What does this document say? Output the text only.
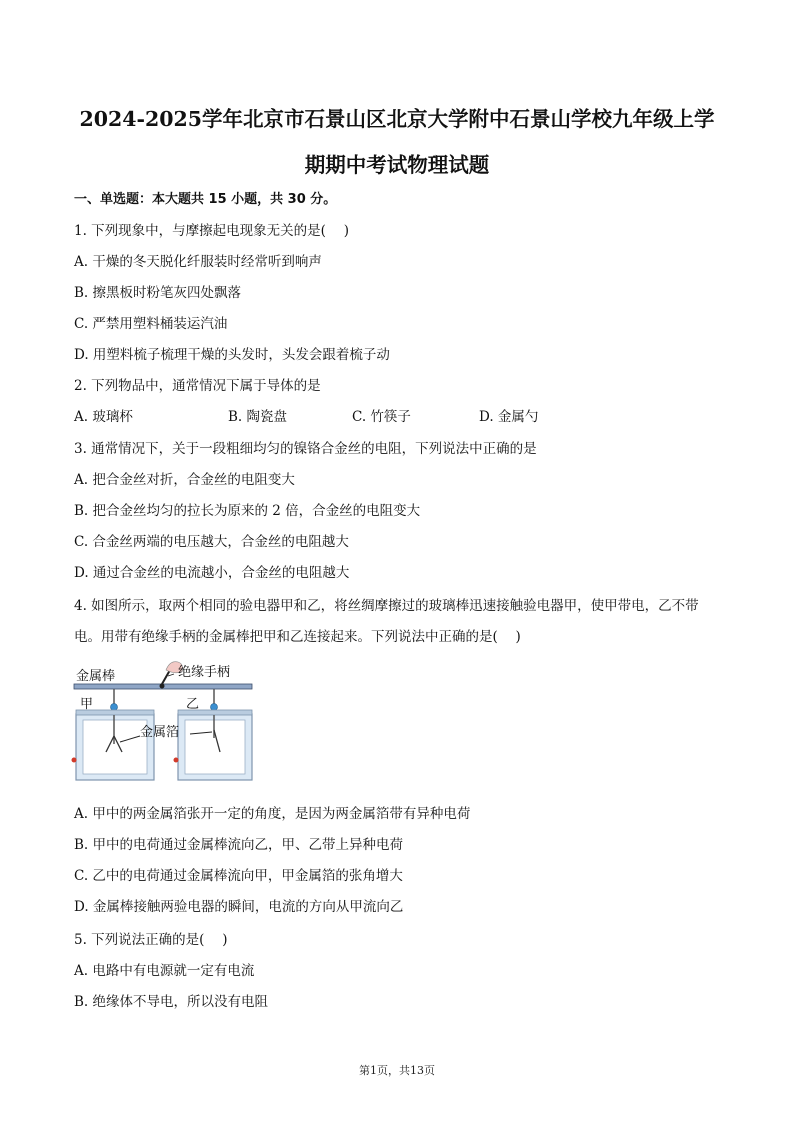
2024-2025学年北京市石景山区北京大学附中石景山学校九年级上学
期期中考试物理试题
一、单选题：本大题共 15 小题，共 30 分。
1. 下列现象中，与摩擦起电现象无关的是(　 )
A. 干燥的冬天脱化纤服装时经常听到响声
B. 擦黑板时粉笔灰四处飘落
C. 严禁用塑料桶装运汽油
D. 用塑料梳子梳理干燥的头发时，头发会跟着梳子动
2. 下列物品中，通常情况下属于导体的是
A. 玻璃杯	B. 陶瓷盘	C. 竹筷子	D. 金属勺
3. 通常情况下，关于一段粗细均匀的镍铬合金丝的电阻，下列说法中正确的是
A. 把合金丝对折，合金丝的电阻变大
B. 把合金丝均匀的拉长为原来的 2 倍，合金丝的电阻变大
C. 合金丝两端的电压越大，合金丝的电阻越大
D. 通过合金丝的电流越小，合金丝的电阻越大
4. 如图所示，取两个相同的验电器甲和乙，将丝绸摩擦过的玻璃棒迅速接触验电器甲，使甲带电，乙不带
电。用带有绝缘手柄的金属棒把甲和乙连接起来。下列说法中正确的是(　 )
金属棒	绝缘手柄
甲	乙
金属箔
A. 甲中的两金属箔张开一定的角度，是因为两金属箔带有异种电荷
B. 甲中的电荷通过金属棒流向乙，甲、乙带上异种电荷
C. 乙中的电荷通过金属棒流向甲，甲金属箔的张角增大
D. 金属棒接触两验电器的瞬间，电流的方向从甲流向乙
5. 下列说法正确的是(　 )
A. 电路中有电源就一定有电流
B. 绝缘体不导电，所以没有电阻
第1页，共13页
